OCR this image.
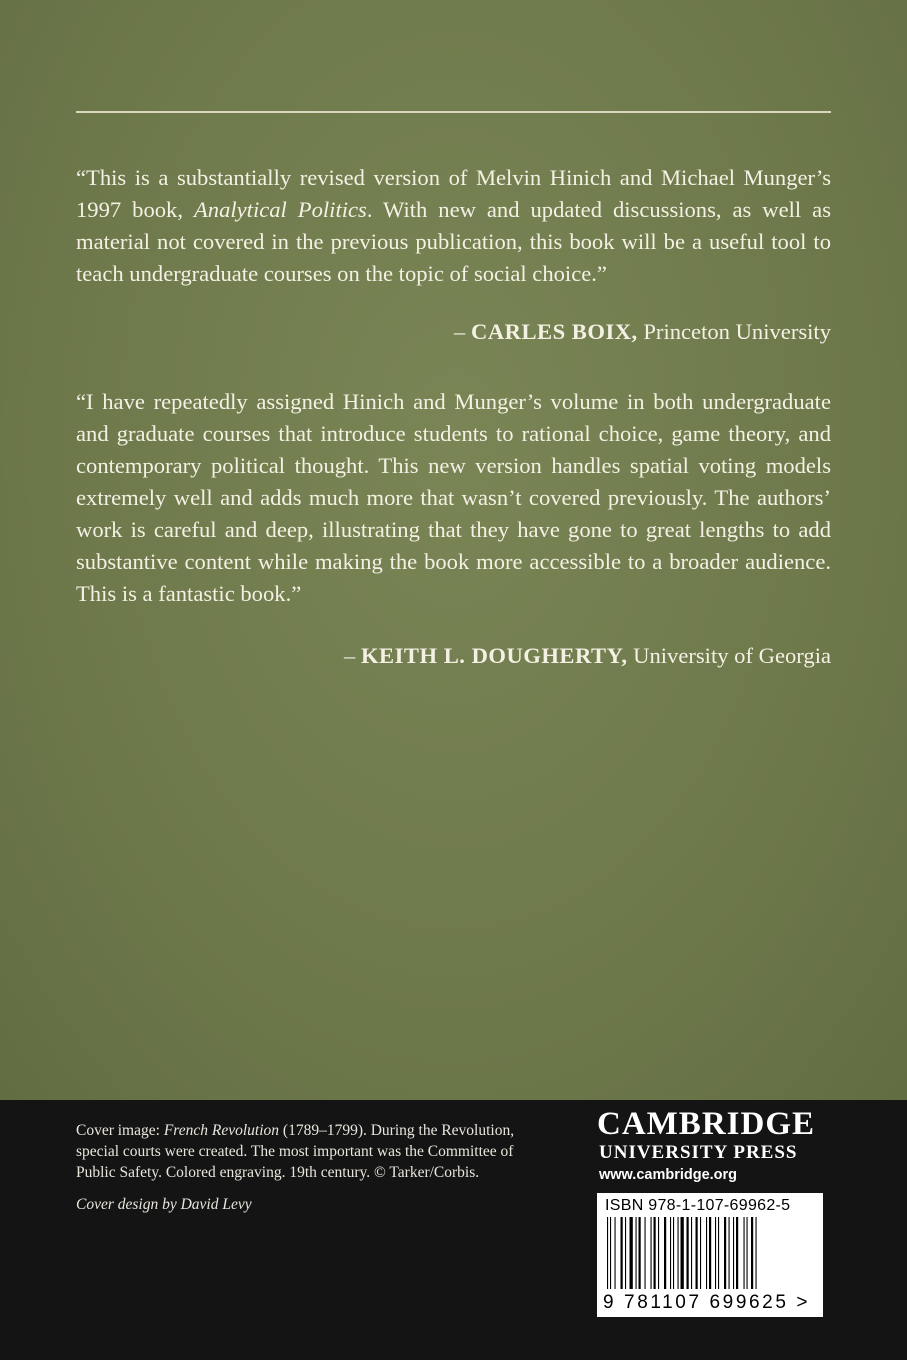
“This is a substantially revised version of Melvin Hinich and Michael Munger’s 1997 book, Analytical Politics. With new and updated discussions, as well as material not covered in the previous publication, this book will be a useful tool to teach undergraduate courses on the topic of social choice.”
– CARLES BOIX, Princeton University
“I have repeatedly assigned Hinich and Munger’s volume in both undergraduate and graduate courses that introduce students to rational choice, game theory, and contemporary political thought. This new version handles spatial voting models extremely well and adds much more that wasn’t covered previously. The authors’ work is careful and deep, illustrating that they have gone to great lengths to add substantive content while making the book more accessible to a broader audience. This is a fantastic book.”
– KEITH L. DOUGHERTY, University of Georgia
Cover image: French Revolution (1789–1799). During the Revolution, special courts were created. The most important was the Committee of Public Safety. Colored engraving. 19th century. © Tarker/Corbis.
Cover design by David Levy
CAMBRIDGE
UNIVERSITY PRESS
www.cambridge.org
ISBN 978-1-107-69962-5
9 781107 699625 >
